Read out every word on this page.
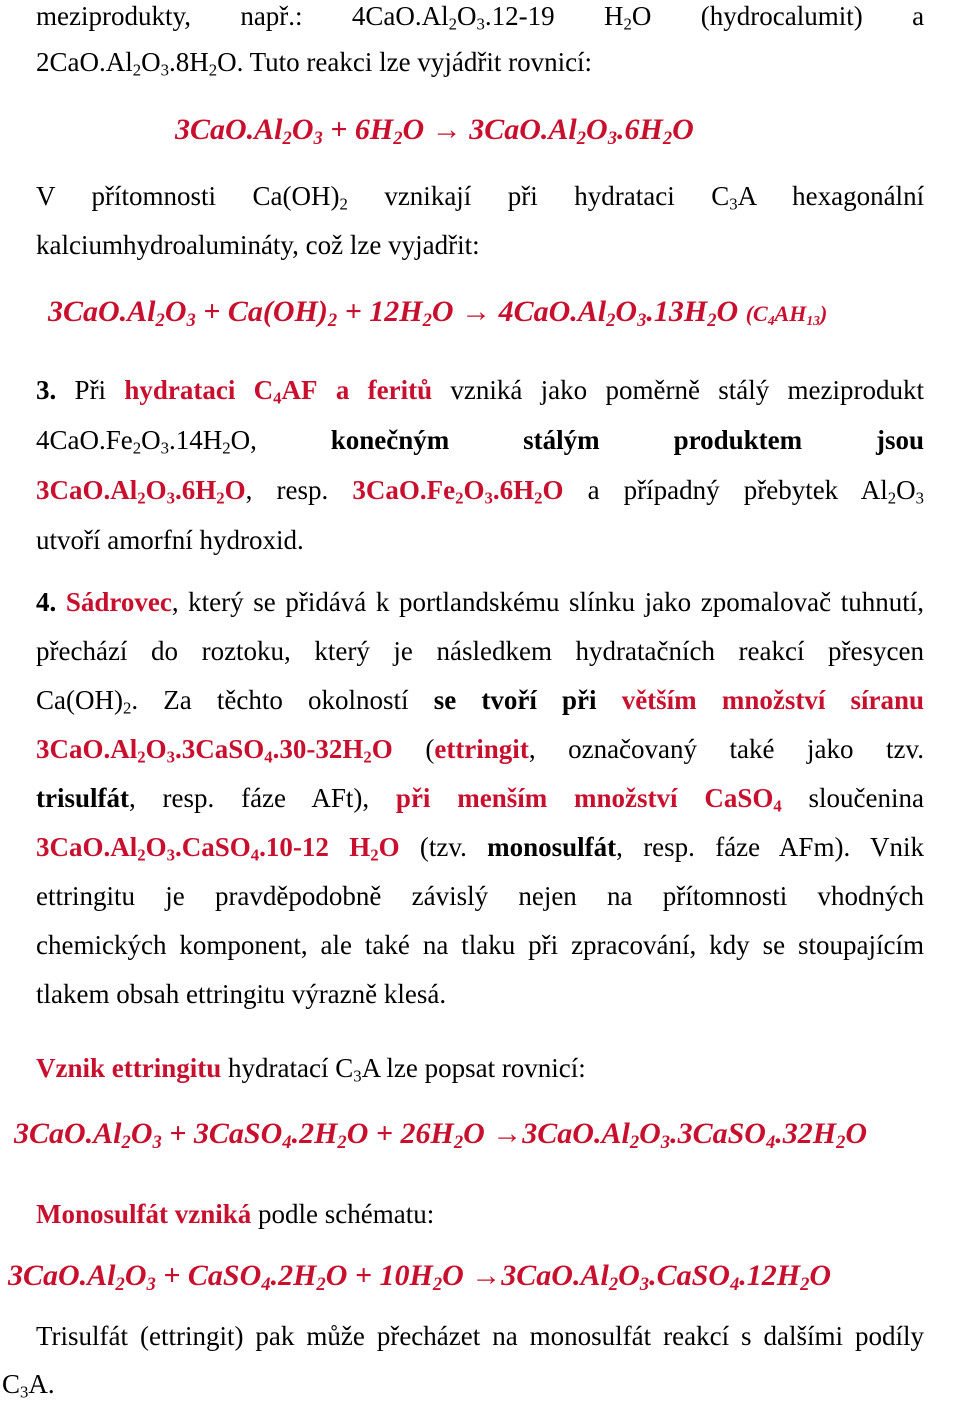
meziprodukty, např.: $4CaO.Al_2O_3.12-19$ $H_2O$ (hydrocalumit) a
$2CaO.Al_2O_3.8H_2O$. Tuto reakci lze vyjádřit rovnicí:
$3CaO.Al_2O_3 + 6H_2O \to 3CaO.Al_2O_3.6H_2O$
V přítomnosti $Ca(OH)_2$ vznikají při hydrataci $C_3A$ hexagonální
kalciumhydroalumináty, což lze vyjadřit:
$3CaO.Al_2O_3 + Ca(OH)_2 + 12H_2O \to 4CaO.Al_2O_3.13H_2O$ $(C_4AH_{13})$
3. Při hydrataci $C_4AF$ a feritů vzniká jako poměrně stálý meziprodukt
$4CaO.Fe_2O_3.14H_2O$,	konečným	stálým	produktem	jsou
$3CaO.Al_2O_3.6H_2O$, resp. $3CaO.Fe_2O_3.6H_2O$ a případný přebytek $Al_2O_3$
utvoří amorfní hydroxid.
4. Sádrovec, který se přidává k portlandskému slínku jako zpomalovač tuhnutí,
přechází do roztoku, který je následkem hydratačních reakcí přesycen
$Ca(OH)_2$. Za těchto okolností se tvoří při větším množství síranu
$3CaO.Al_2O_3.3CaSO_4.30-32H_2O$ (ettringit, označovaný také jako tzv.
trisulfát, resp. fáze AFt), při menším množství CaSO$_4$ sloučenina
$3CaO.Al_2O_3.CaSO_4.10-12$ $H_2O$ (tzv. monosulfát, resp. fáze AFm). Vnik
ettringitu je pravděpodobně závislý nejen na přítomnosti vhodných
chemických komponent, ale také na tlaku při zpracování, kdy se stoupajícím
tlakem obsah ettringitu výrazně klesá.
Vznik ettringitu hydratací $C_3A$ lze popsat rovnicí:
$3CaO.Al_2O_3$ + $3CaSO_4.2H_2O + 26H_2O$ $\to 3CaO.Al_2O_3.3CaSO_4.32H_2O$
Monosulfát vzniká podle schématu:
$3CaO.Al_2O_3$ + $CaSO_4.2H_2O + 10H_2O$ $\to 3CaO.Al_2O_3.CaSO_4.12H_2O$
Trisulfát (ettringit) pak může přecházet na monosulfát reakcí s dalšími podíly
$C_3A$.
